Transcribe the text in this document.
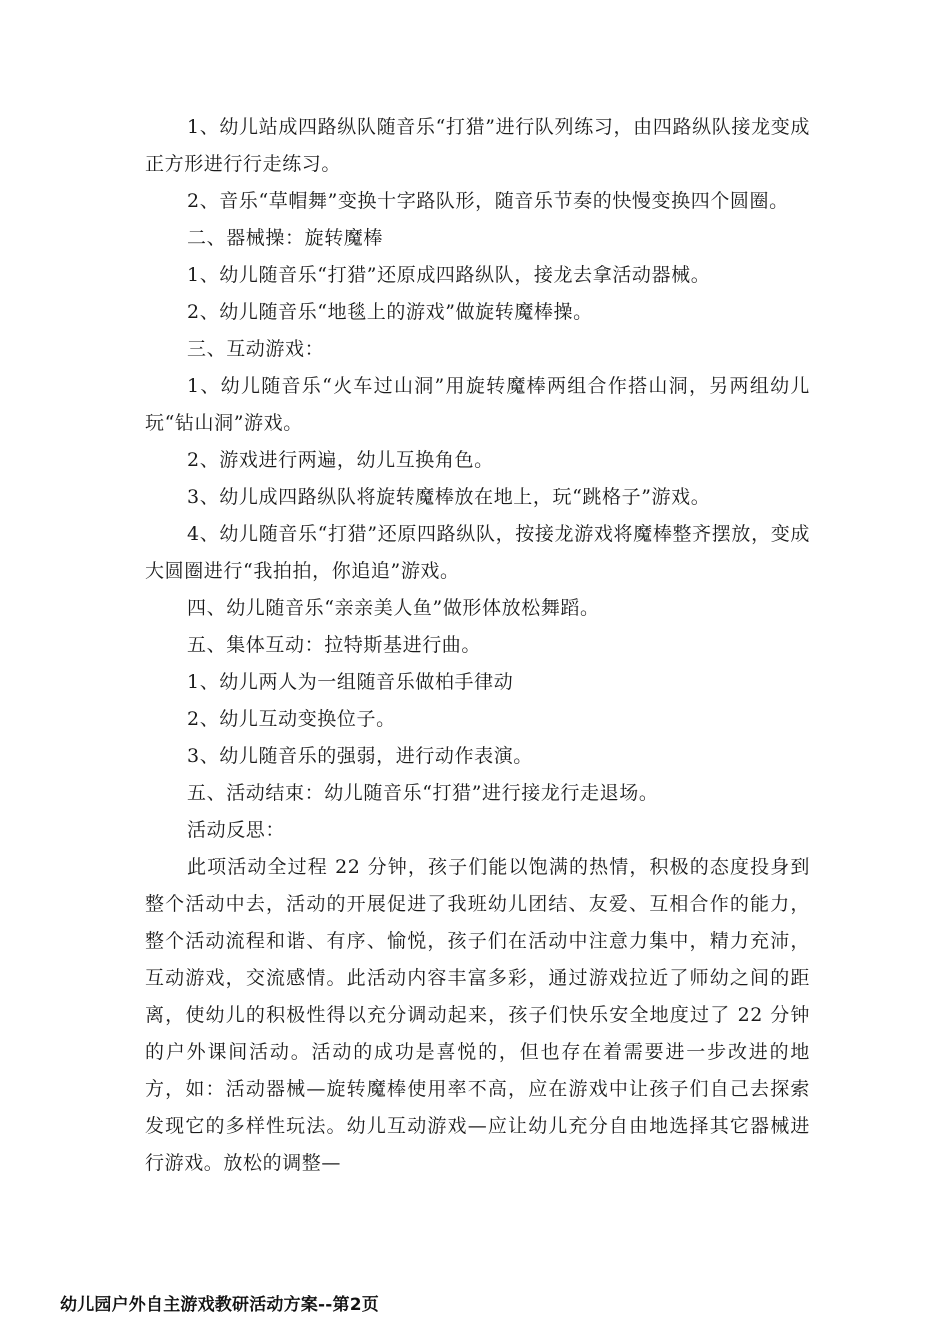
1、幼儿站成四路纵队随音乐“打猎”进行队列练习，由四路纵队接龙变成正方形进行行走练习。

2、音乐“草帽舞”变换十字路队形，随音乐节奏的快慢变换四个圆圈。

二、器械操：旋转魔棒

1、幼儿随音乐“打猎”还原成四路纵队，接龙去拿活动器械。

2、幼儿随音乐“地毯上的游戏”做旋转魔棒操。

三、互动游戏：

1、幼儿随音乐“火车过山洞”用旋转魔棒两组合作搭山洞，另两组幼儿玩“钻山洞”游戏。

2、游戏进行两遍，幼儿互换角色。

3、幼儿成四路纵队将旋转魔棒放在地上，玩“跳格子”游戏。

4、幼儿随音乐“打猎”还原四路纵队，按接龙游戏将魔棒整齐摆放，变成大圆圈进行“我拍拍，你追追”游戏。

四、幼儿随音乐“亲亲美人鱼”做形体放松舞蹈。

五、集体互动：拉特斯基进行曲。

1、幼儿两人为一组随音乐做柏手律动

2、幼儿互动变换位子。

3、幼儿随音乐的强弱，进行动作表演。

五、活动结束：幼儿随音乐“打猎”进行接龙行走退场。

活动反思：

此项活动全过程 22 分钟，孩子们能以饱满的热情，积极的态度投身到整个活动中去，活动的开展促进了我班幼儿团结、友爱、互相合作的能力，整个活动流程和谐、有序、愉悦，孩子们在活动中注意力集中，精力充沛，互动游戏，交流感情。此活动内容丰富多彩，通过游戏拉近了师幼之间的距离，使幼儿的积极性得以充分调动起来，孩子们快乐安全地度过了 22 分钟的户外课间活动。活动的成功是喜悦的，但也存在着需要进一步改进的地方，如：活动器械—旋转魔棒使用率不高，应在游戏中让孩子们自己去探索发现它的多样性玩法。幼儿互动游戏—应让幼儿充分自由地选择其它器械进行游戏。放松的调整—

幼儿园户外自主游戏教研活动方案--第2页
